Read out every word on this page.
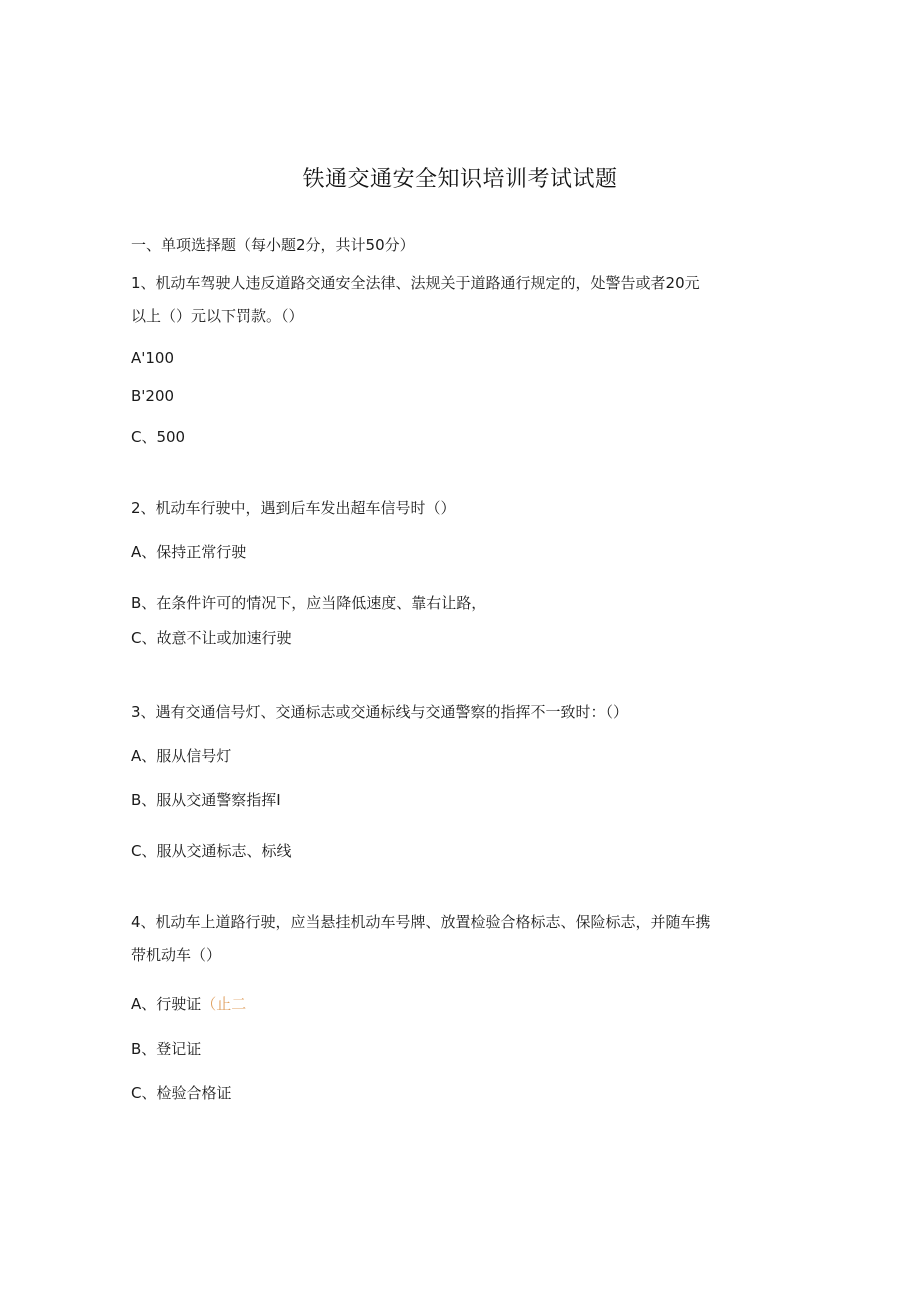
铁通交通安全知识培训考试试题
一、单项选择题（每小题2分，共计50分）
1、机动车驾驶人违反道路交通安全法律、法规关于道路通行规定的，处警告或者20元
以上（）元以下罚款。（）
A'100
B'200
C、500
2、机动车行驶中，遇到后车发出超车信号时（）
A、保持正常行驶
B、在条件许可的情况下，应当降低速度、靠右让路，
C、故意不让或加速行驶
3、遇有交通信号灯、交通标志或交通标线与交通警察的指挥不一致时：（）
A、服从信号灯
B、服从交通警察指挥I
C、服从交通标志、标线
4、机动车上道路行驶，应当悬挂机动车号牌、放置检验合格标志、保险标志，并随车携
带机动车（）
A、行驶证（止二
B、登记证
C、检验合格证
